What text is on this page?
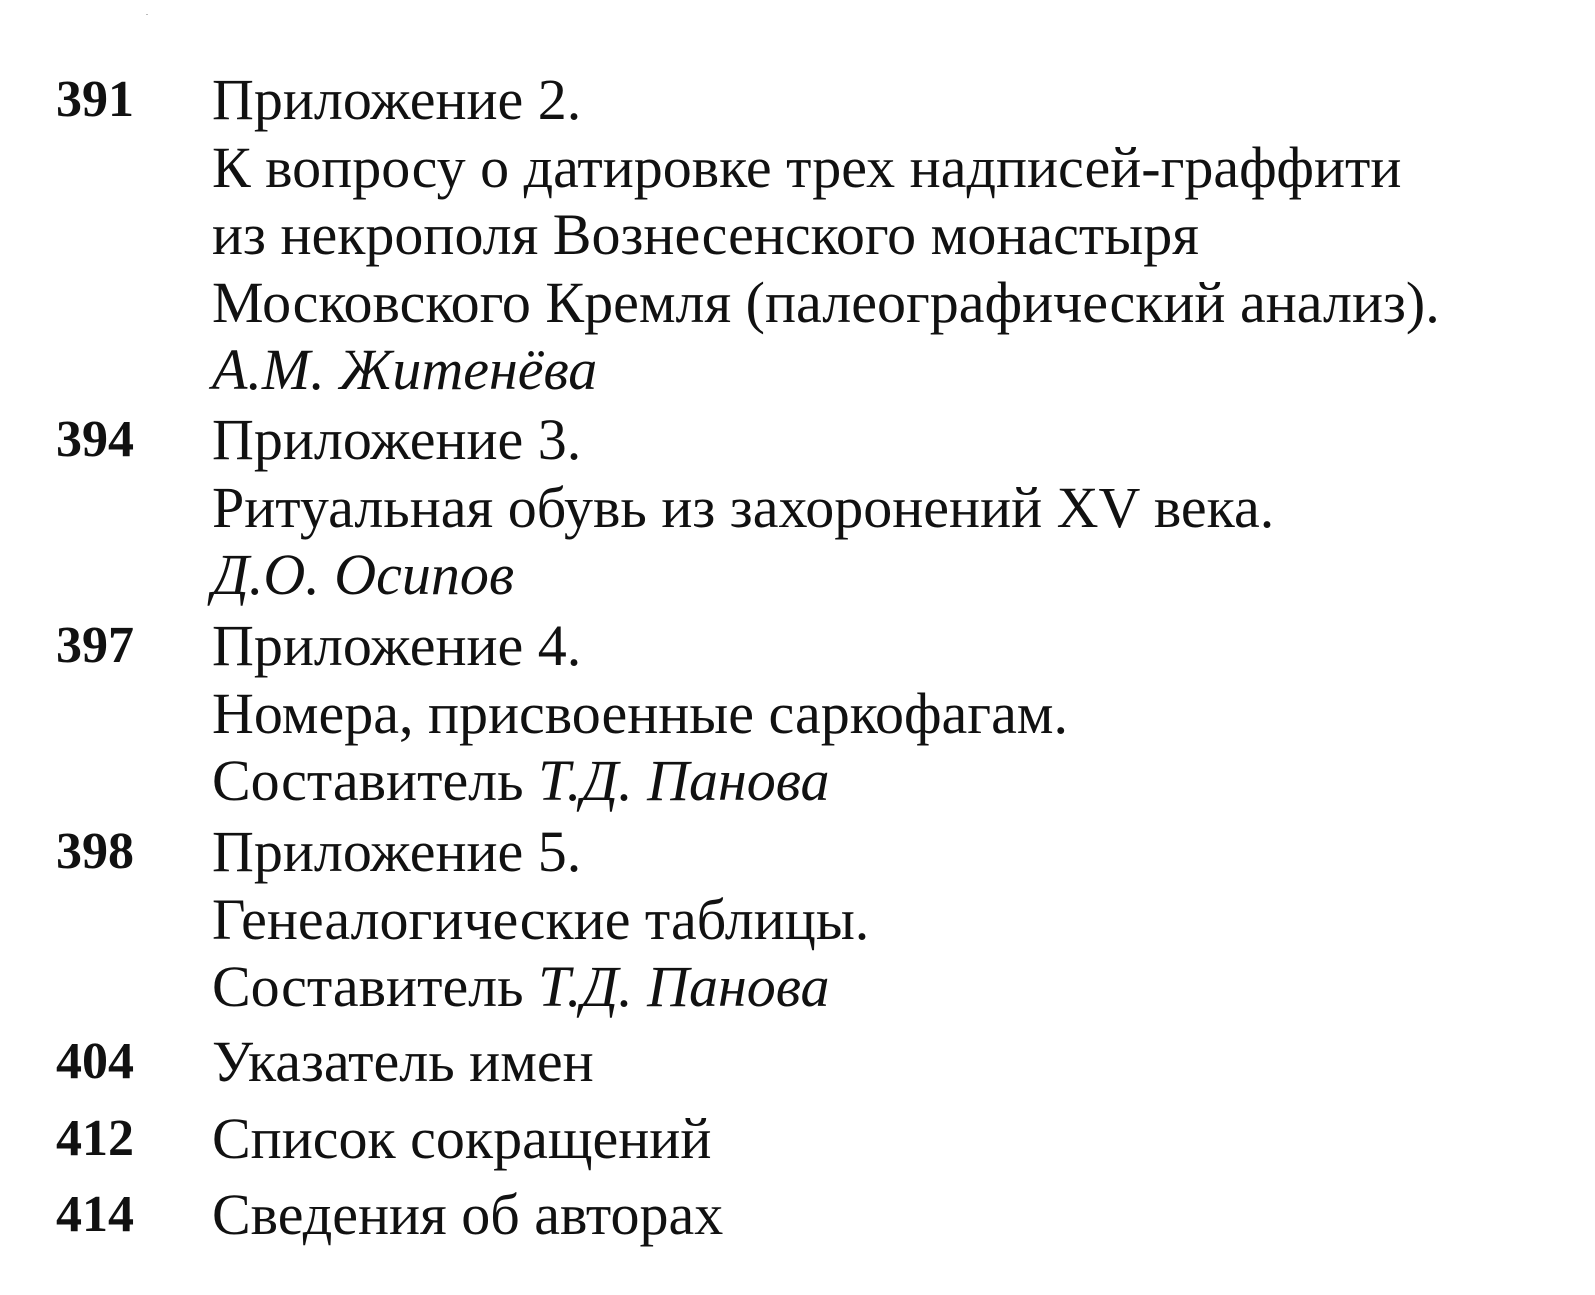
391	Приложение 2.
К вопросу о датировке трех надписей-граффити
из некрополя Вознесенского монастыря
Московского Кремля (палеографический анализ).
А.М. Житенёва
394	Приложение 3.
Ритуальная обувь из захоронений XV века.
Д.О. Осипов
397	Приложение 4.
Номера, присвоенные саркофагам.
Составитель Т.Д. Панова
398	Приложение 5.
Генеалогические таблицы.
Составитель Т.Д. Панова
404	Указатель имен
412	Список сокращений
414	Сведения об авторах
